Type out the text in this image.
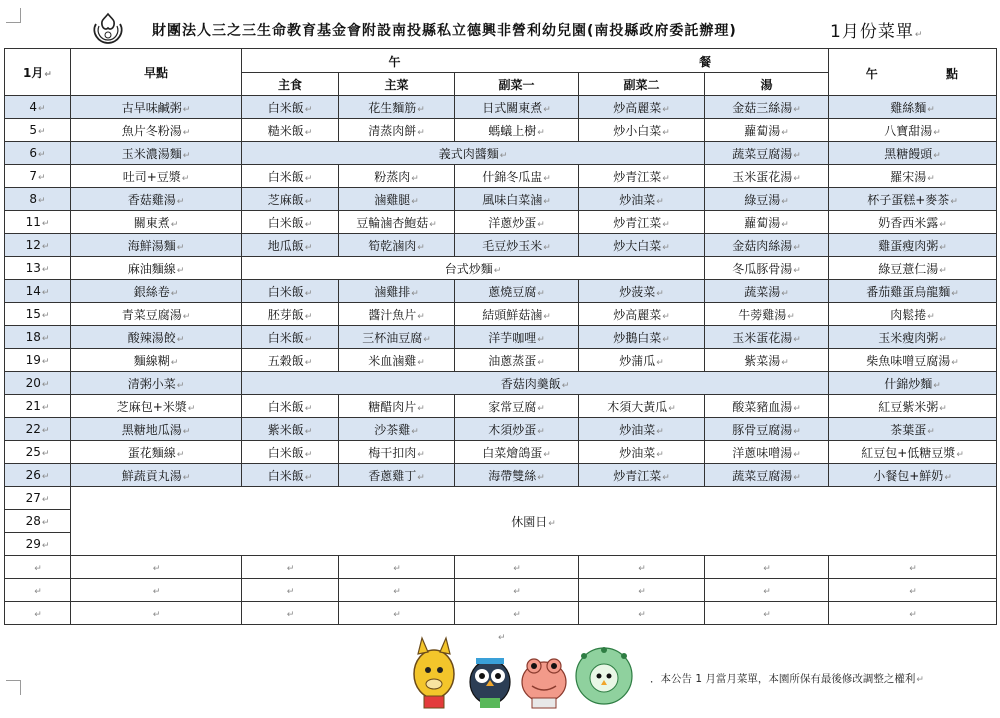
財團法人三之三生命教育基金會附設南投縣私立德興非營利幼兒園(南投縣政府委託辦理)	1月份菜單↵
1月↵	早點	午 餐					午 點

		主食	主菜	副菜一	副菜二	湯	
4↵	古早味鹹粥↵	白米飯↵	花生麵筋↵	日式關東煮↵	炒高麗菜↵	金菇三絲湯↵	雞絲麵↵
5↵	魚片冬粉湯↵	糙米飯↵	清蒸肉餅↵	螞蟻上樹↵	炒小白菜↵	蘿蔔湯↵	八寶甜湯↵
6↵	玉米濃湯麵↵	義式肉醬麵↵				蔬菜豆腐湯↵	黑糖饅頭↵
7↵	吐司+豆漿↵	白米飯↵	粉蒸肉↵	什錦冬瓜盅↵	炒青江菜↵	玉米蛋花湯↵	羅宋湯↵
8↵	香菇雞湯↵	芝麻飯↵	滷雞腿↵	風味白菜滷↵	炒油菜↵	綠豆湯↵	杯子蛋糕+麥茶↵
11↵	關東煮↵	白米飯↵	豆輪滷杏鮑菇↵	洋蔥炒蛋↵	炒青江菜↵	蘿蔔湯↵	奶香西米露↵
12↵	海鮮湯麵↵	地瓜飯↵	筍乾滷肉↵	毛豆炒玉米↵	炒大白菜↵	金菇肉絲湯↵	雞蛋瘦肉粥↵
13↵	麻油麵線↵	台式炒麵↵				冬瓜豚骨湯↵	綠豆薏仁湯↵
14↵	銀絲卷↵	白米飯↵	滷雞排↵	蔥燒豆腐↵	炒菠菜↵	蔬菜湯↵	番茄雞蛋烏龍麵↵
15↵	青菜豆腐湯↵	胚芽飯↵	醬汁魚片↵	結頭鮮菇滷↵	炒高麗菜↵	牛蒡雞湯↵	肉鬆捲↵
18↵	酸辣湯餃↵	白米飯↵	三杯油豆腐↵	洋芋咖哩↵	炒鵝白菜↵	玉米蛋花湯↵	玉米瘦肉粥↵
19↵	麵線糊↵	五穀飯↵	米血滷雞↵	油蔥蒸蛋↵	炒蒲瓜↵	紫菜湯↵	柴魚味噌豆腐湯↵
20↵	清粥小菜↵	香菇肉羹飯↵					什錦炒麵↵
21↵	芝麻包+米漿↵	白米飯↵	糖醋肉片↵	家常豆腐↵	木須大黃瓜↵	酸菜豬血湯↵	紅豆紫米粥↵
22↵	黑糖地瓜湯↵	紫米飯↵	沙茶雞↵	木須炒蛋↵	炒油菜↵	豚骨豆腐湯↵	茶葉蛋↵
25↵	蛋花麵線↵	白米飯↵	梅干扣肉↵	白菜燴鴿蛋↵	炒油菜↵	洋蔥味噌湯↵	紅豆包+低糖豆漿↵
26↵	鮮蔬貢丸湯↵	白米飯↵	香蔥雞丁↵	海帶雙絲↵	炒青江菜↵	蔬菜豆腐湯↵	小餐包+鮮奶↵
27↵	休園日↵						
28↵							
29↵							
↵	↵	↵	↵	↵	↵	↵	↵
↵	↵	↵	↵	↵	↵	↵	↵
↵	↵	↵	↵	↵	↵	↵	↵
↵
．本公告 1 月當月菜單，本園所保有最後修改調整之權利↵
